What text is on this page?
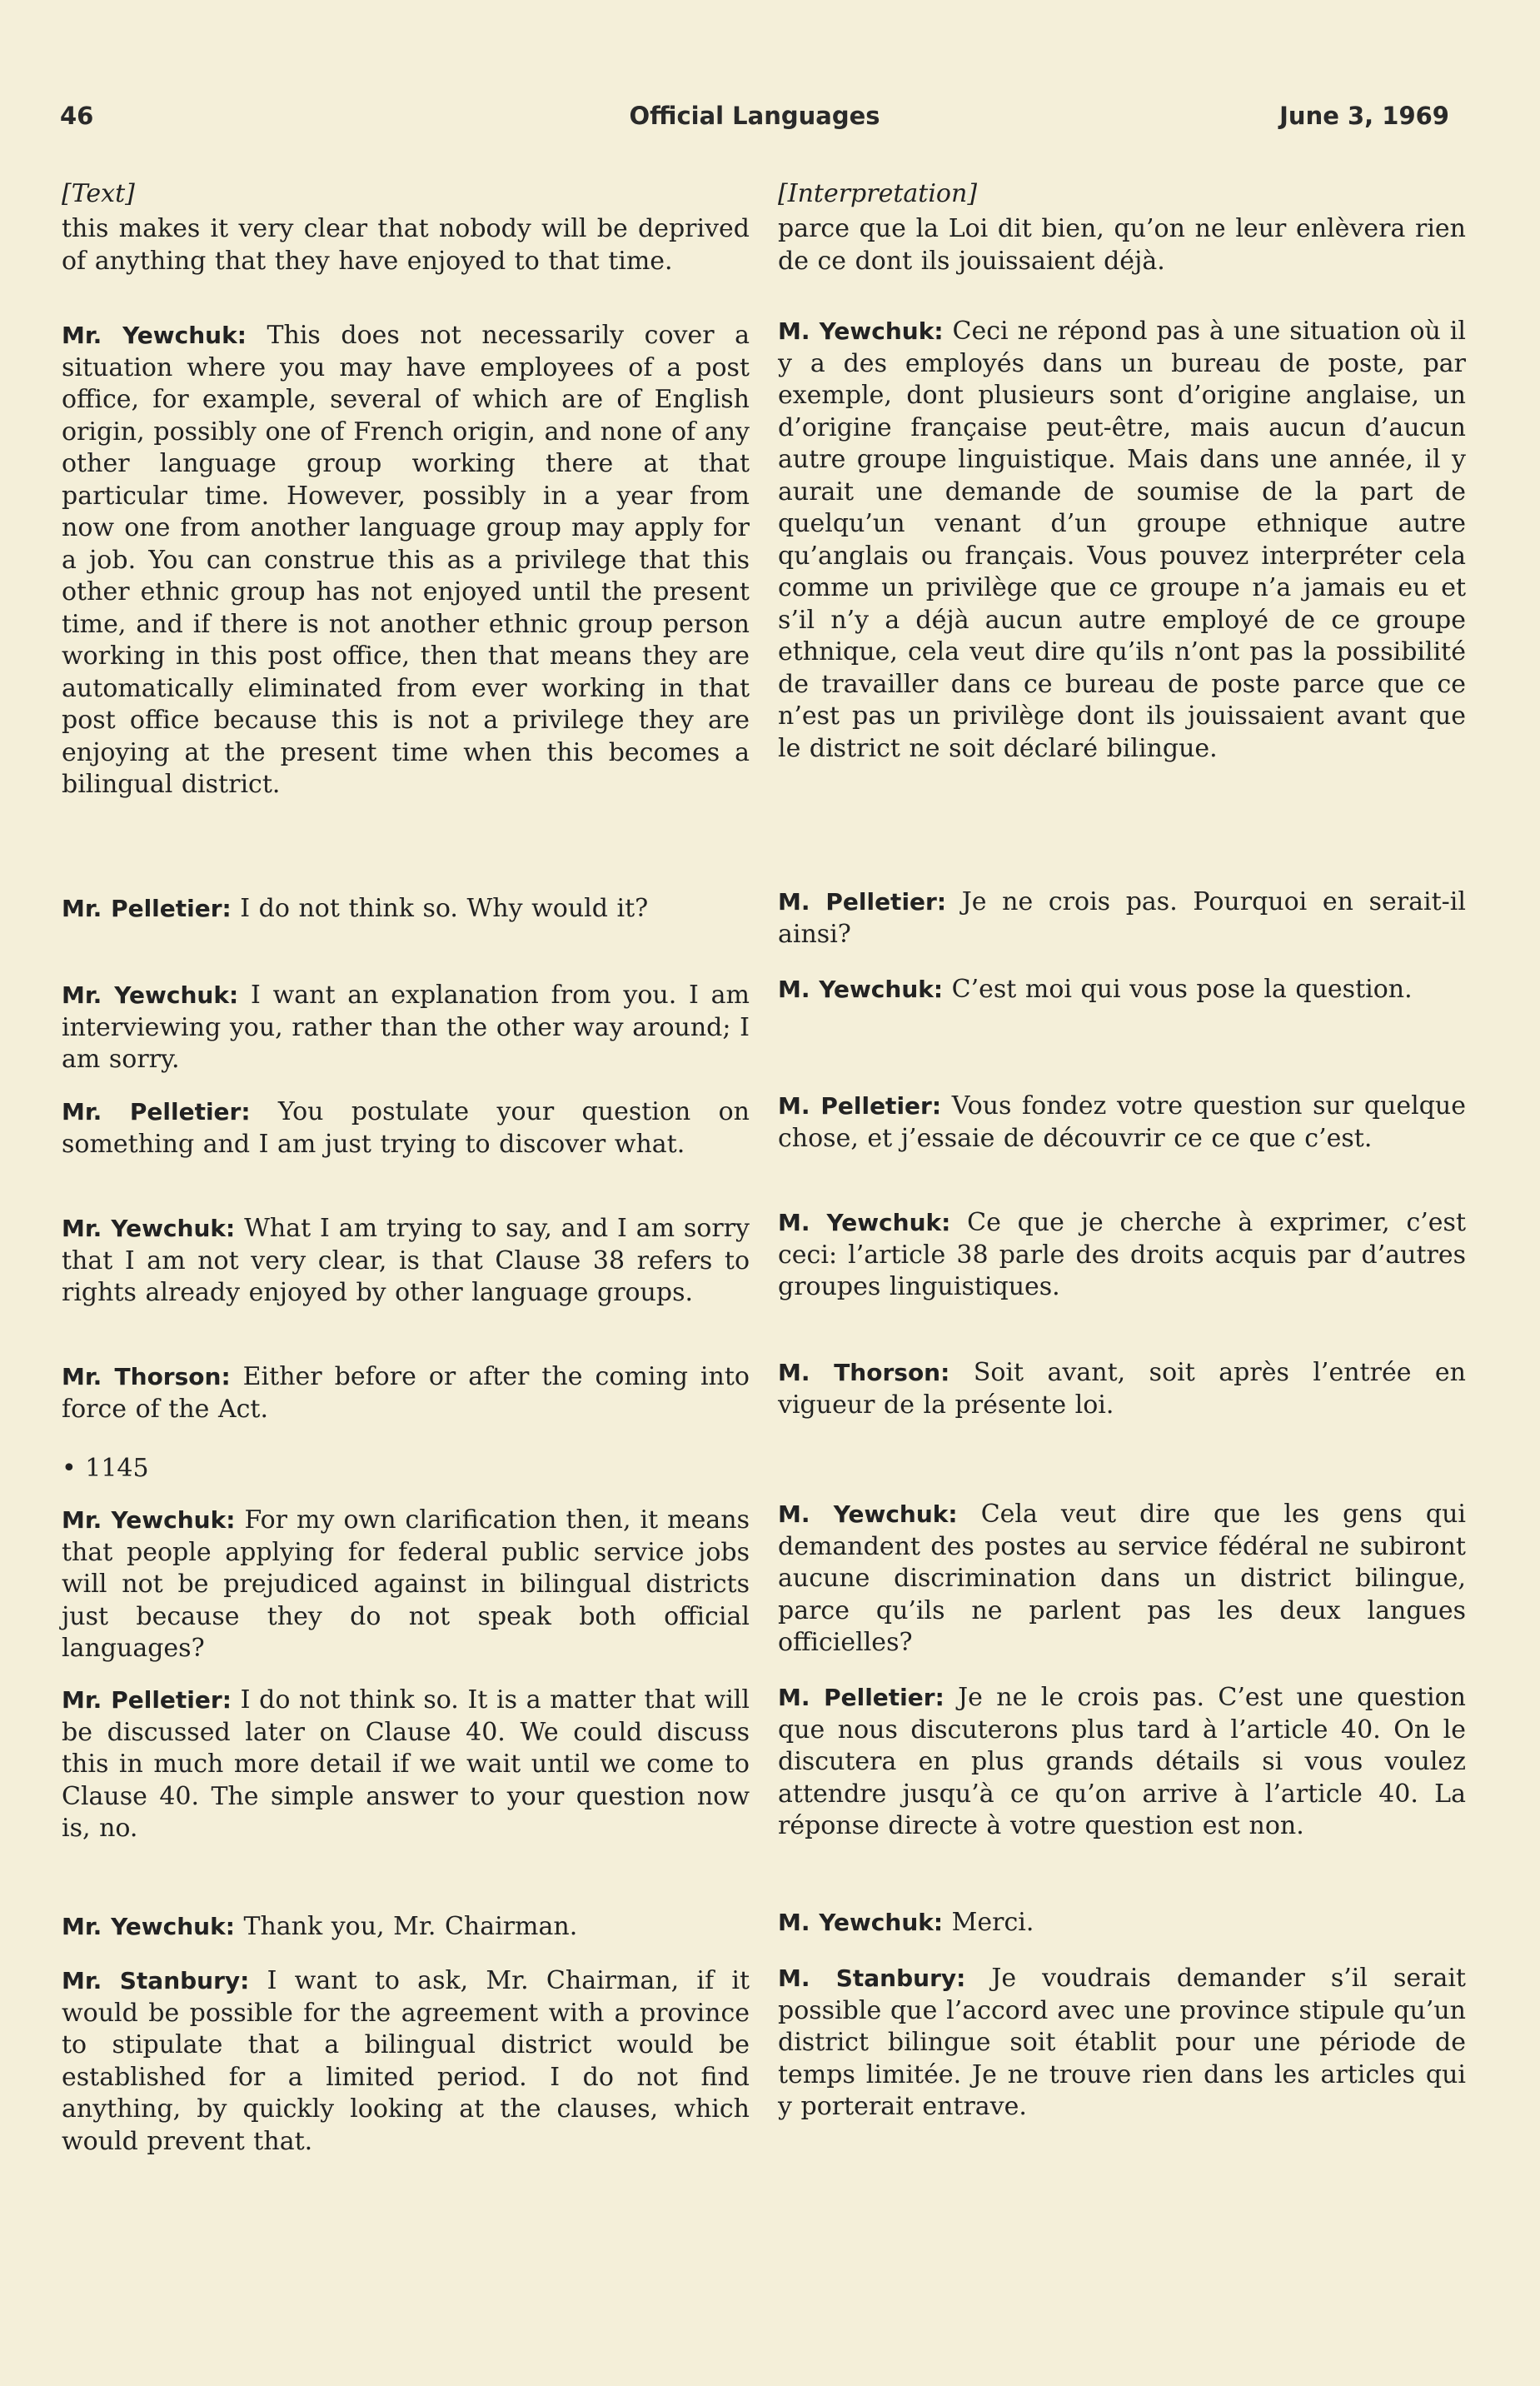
46	Official Languages	June 3, 1969
[Text]
this makes it very clear that nobody will be deprived of anything that they have enjoyed to that time.
Mr. Yewchuk: This does not necessarily cover a situation where you may have employees of a post office, for example, several of which are of English origin, possibly one of French origin, and none of any other language group working there at that particular time. However, possibly in a year from now one from another language group may apply for a job. You can construe this as a privilege that this other ethnic group has not enjoyed until the present time, and if there is not another ethnic group person working in this post office, then that means they are automatically eliminated from ever working in that post office because this is not a privilege they are enjoying at the present time when this becomes a bilingual district.
Mr. Pelletier: I do not think so. Why would it?
Mr. Yewchuk: I want an explanation from you. I am interviewing you, rather than the other way around; I am sorry.
Mr. Pelletier: You postulate your question on something and I am just trying to discover what.
Mr. Yewchuk: What I am trying to say, and I am sorry that I am not very clear, is that Clause 38 refers to rights already enjoyed by other language groups.
Mr. Thorson: Either before or after the coming into force of the Act.
• 1145
Mr. Yewchuk: For my own clarification then, it means that people applying for federal public service jobs will not be prejudiced against in bilingual districts just because they do not speak both official languages?
Mr. Pelletier: I do not think so. It is a matter that will be discussed later on Clause 40. We could discuss this in much more detail if we wait until we come to Clause 40. The simple answer to your question now is, no.
Mr. Yewchuk: Thank you, Mr. Chairman.
Mr. Stanbury: I want to ask, Mr. Chairman, if it would be possible for the agreement with a province to stipulate that a bilingual district would be established for a limited period. I do not find anything, by quickly looking at the clauses, which would prevent that.
[Interpretation]
parce que la Loi dit bien, qu’on ne leur enlèvera rien de ce dont ils jouissaient déjà.
M. Yewchuk: Ceci ne répond pas à une situation où il y a des employés dans un bureau de poste, par exemple, dont plusieurs sont d’origine anglaise, un d’origine française peut-être, mais aucun d’aucun autre groupe linguistique. Mais dans une année, il y aurait une demande de soumise de la part de quelqu’un venant d’un groupe ethnique autre qu’anglais ou français. Vous pouvez interpréter cela comme un privilège que ce groupe n’a jamais eu et s’il n’y a déjà aucun autre employé de ce groupe ethnique, cela veut dire qu’ils n’ont pas la possibilité de travailler dans ce bureau de poste parce que ce n’est pas un privilège dont ils jouissaient avant que le district ne soit déclaré bilingue.
M. Pelletier: Je ne crois pas. Pourquoi en serait-il ainsi?
M. Yewchuk: C’est moi qui vous pose la question.
M. Pelletier: Vous fondez votre question sur quelque chose, et j’essaie de découvrir ce ce que c’est.
M. Yewchuk: Ce que je cherche à exprimer, c’est ceci: l’article 38 parle des droits acquis par d’autres groupes linguistiques.
M. Thorson: Soit avant, soit après l’entrée en vigueur de la présente loi.
M. Yewchuk: Cela veut dire que les gens qui demandent des postes au service fédéral ne subiront aucune discrimination dans un district bilingue, parce qu’ils ne parlent pas les deux langues officielles?
M. Pelletier: Je ne le crois pas. C’est une question que nous discuterons plus tard à l’article 40. On le discutera en plus grands détails si vous voulez attendre jusqu’à ce qu’on arrive à l’article 40. La réponse directe à votre question est non.
M. Yewchuk: Merci.
M. Stanbury: Je voudrais demander s’il serait possible que l’accord avec une province stipule qu’un district bilingue soit établit pour une période de temps limitée. Je ne trouve rien dans les articles qui y porterait entrave.
